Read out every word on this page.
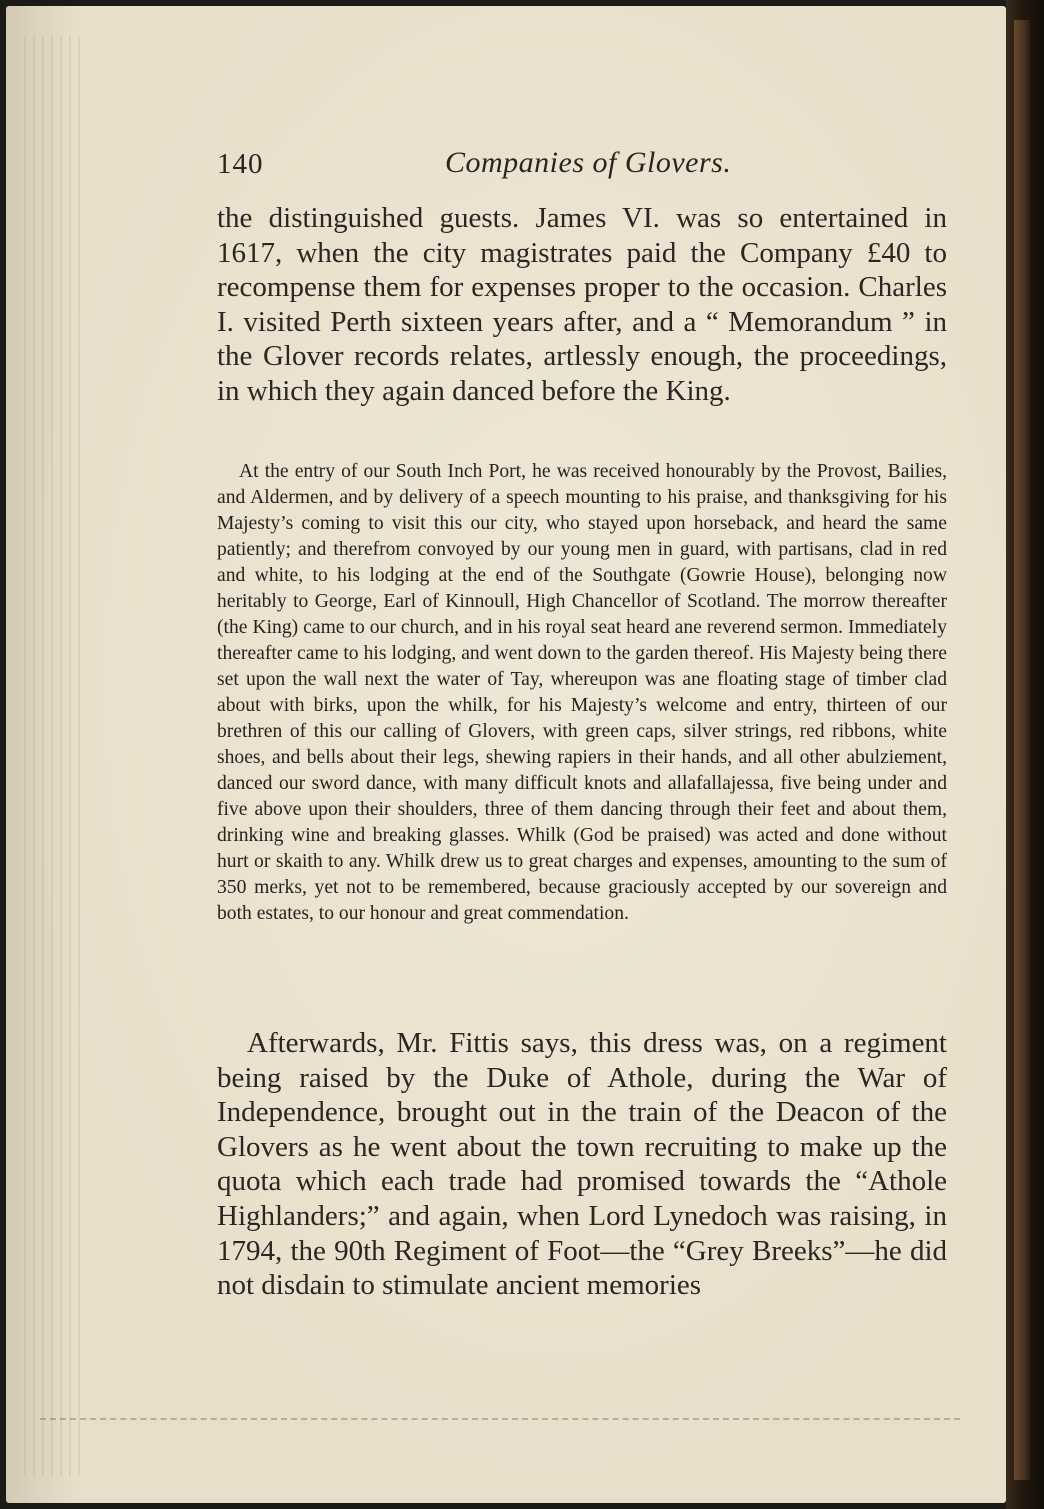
140	Companies of Glovers.

the distinguished guests. James VI. was so entertained in 1617, when the city magistrates paid the Company £40 to recompense them for expenses proper to the occasion. Charles I. visited Perth sixteen years after, and a “ Memorandum ” in the Glover records relates, artlessly enough, the proceedings, in which they again danced before the King.

At the entry of our South Inch Port, he was received honourably by the Provost, Bailies, and Aldermen, and by delivery of a speech mounting to his praise, and thanksgiving for his Majesty’s coming to visit this our city, who stayed upon horseback, and heard the same patiently; and therefrom convoyed by our young men in guard, with partisans, clad in red and white, to his lodging at the end of the Southgate (Gowrie House), belonging now heritably to George, Earl of Kinnoull, High Chancellor of Scotland. The morrow thereafter (the King) came to our church, and in his royal seat heard ane reverend sermon. Immediately thereafter came to his lodging, and went down to the garden thereof. His Majesty being there set upon the wall next the water of Tay, whereupon was ane floating stage of timber clad about with birks, upon the whilk, for his Majesty’s welcome and entry, thirteen of our brethren of this our calling of Glovers, with green caps, silver strings, red ribbons, white shoes, and bells about their legs, shewing rapiers in their hands, and all other abulziement, danced our sword dance, with many difficult knots and allafallajessa, five being under and five above upon their shoulders, three of them dancing through their feet and about them, drinking wine and breaking glasses. Whilk (God be praised) was acted and done without hurt or skaith to any. Whilk drew us to great charges and expenses, amounting to the sum of 350 merks, yet not to be remembered, because graciously accepted by our sovereign and both estates, to our honour and great commendation.

Afterwards, Mr. Fittis says, this dress was, on a regiment being raised by the Duke of Athole, during the War of Independence, brought out in the train of the Deacon of the Glovers as he went about the town recruiting to make up the quota which each trade had promised towards the “Athole Highlanders;” and again, when Lord Lynedoch was raising, in 1794, the 90th Regiment of Foot—the “Grey Breeks”—he did not disdain to stimulate ancient memories
